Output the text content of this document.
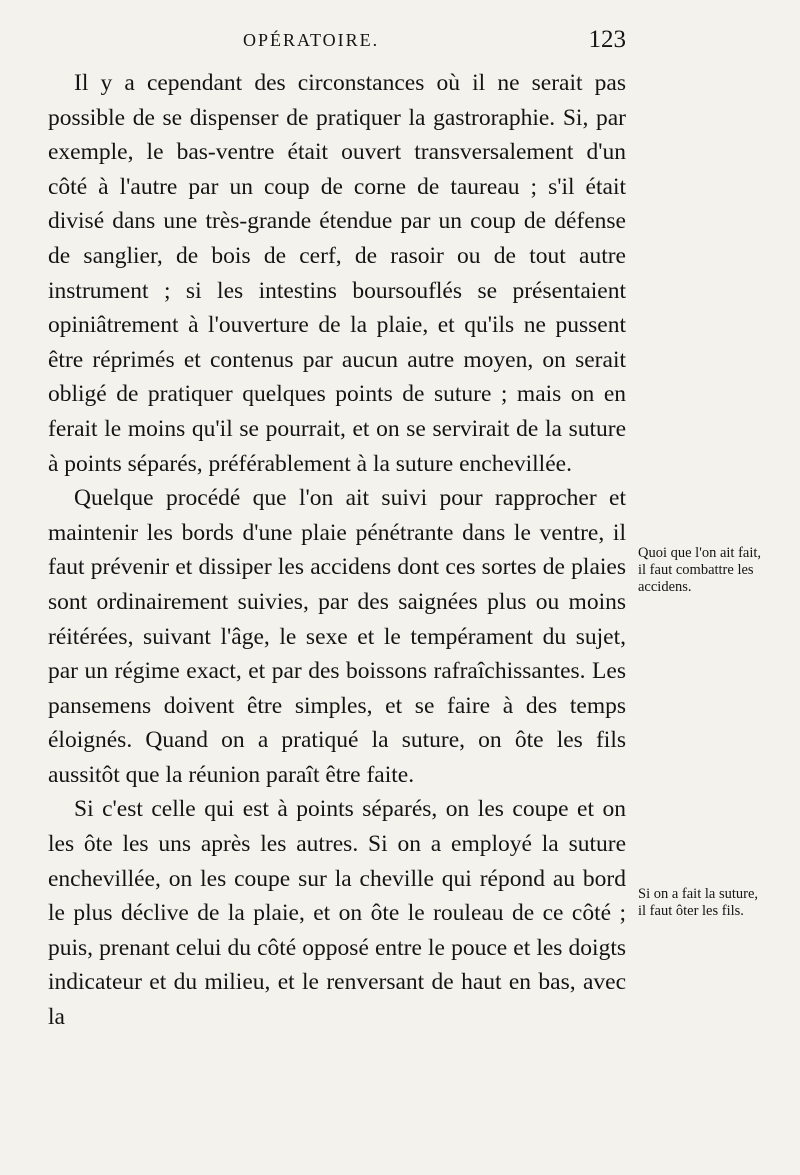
OPÉRATOIRE.	123

Il y a cependant des circonstances où il ne serait pas possible de se dispenser de pratiquer la gastroraphie. Si, par exemple, le bas-ventre était ouvert transversalement d'un côté à l'autre par un coup de corne de taureau ; s'il était divisé dans une très-grande étendue par un coup de défense de sanglier, de bois de cerf, de rasoir ou de tout autre instrument ; si les intestins boursouflés se présentaient opiniâtrement à l'ouverture de la plaie, et qu'ils ne pussent être réprimés et contenus par aucun autre moyen, on serait obligé de pratiquer quelques points de suture ; mais on en ferait le moins qu'il se pourrait, et on se servirait de la suture à points séparés, préférablement à la suture enchevillée.

Quelque procédé que l'on ait suivi pour rapprocher et maintenir les bords d'une plaie pénétrante dans le ventre, il faut prévenir et dissiper les accidens dont ces sortes de plaies sont ordinairement suivies, par des saignées plus ou moins réitérées, suivant l'âge, le sexe et le tempérament du sujet, par un régime exact, et par des boissons rafraîchissantes. Les pansemens doivent être simples, et se faire à des temps éloignés. Quand on a pratiqué la suture, on ôte les fils aussitôt que la réunion paraît être faite.

Si c'est celle qui est à points séparés, on les coupe et on les ôte les uns après les autres. Si on a employé la suture enchevillée, on les coupe sur la cheville qui répond au bord le plus déclive de la plaie, et on ôte le rouleau de ce côté ; puis, prenant celui du côté opposé entre le pouce et les doigts indicateur et du milieu, et le renversant de haut en bas, avec la

Quoi que l'on ait fait, il faut combattre les accidens.
Si on a fait la suture, il faut ôter les fils.
